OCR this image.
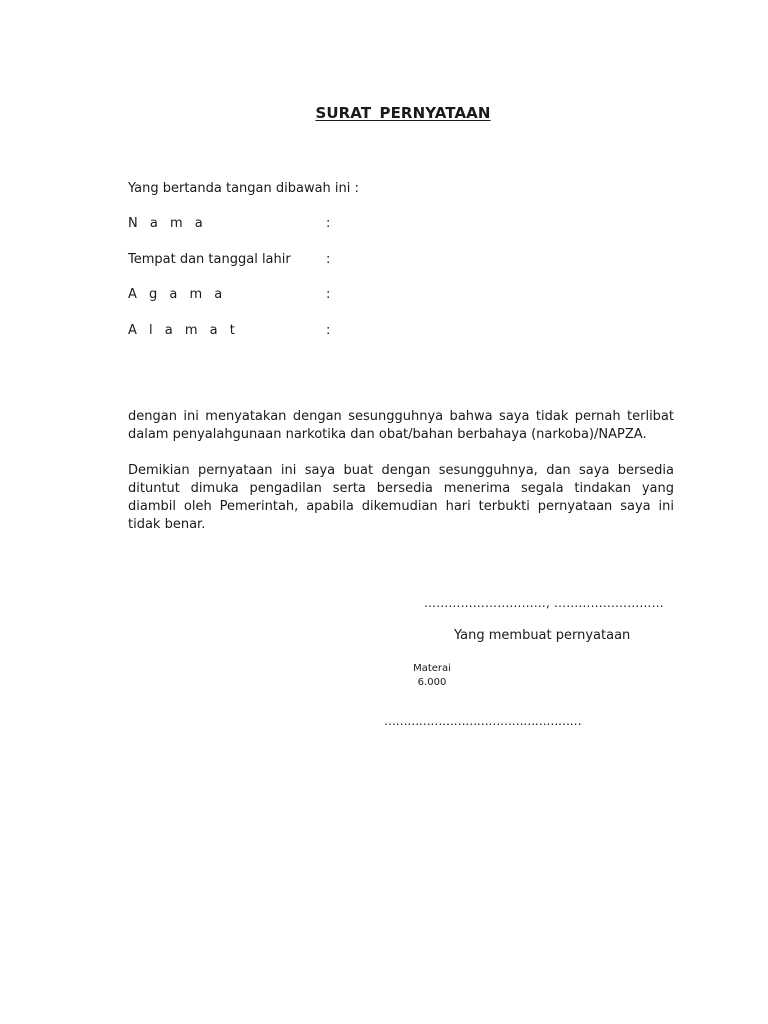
SURAT PERNYATAAN
Yang bertanda tangan dibawah ini :
N a m a	:
Tempat dan tanggal lahir	:
A g a m a	:
A l a m a t	:
dengan ini menyatakan dengan sesungguhnya bahwa saya tidak pernah terlibat
dalam penyalahgunaan narkotika dan obat/bahan berbahaya (narkoba)/NAPZA.
Demikian pernyataan ini saya buat dengan sesungguhnya, dan saya bersedia
dituntut dimuka pengadilan serta bersedia menerima segala tindakan yang
diambil oleh Pemerintah, apabila dikemudian hari terbukti pernyataan saya ini
tidak benar.
…………………………, ………………………
Yang membuat pernyataan
Materai
6.000
……………………………………………
